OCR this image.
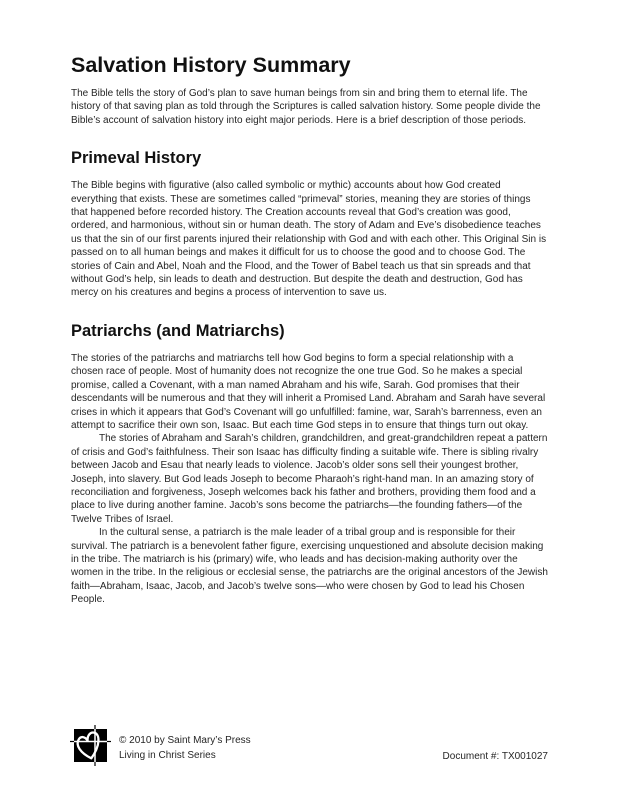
Salvation History Summary

The Bible tells the story of God’s plan to save human beings from sin and bring them to eternal life. The history of that saving plan as told through the Scriptures is called salvation history. Some people divide the Bible’s account of salvation history into eight major periods. Here is a brief description of those periods.

Primeval History

The Bible begins with figurative (also called symbolic or mythic) accounts about how God created everything that exists. These are sometimes called “primeval” stories, meaning they are stories of things that happened before recorded history. The Creation accounts reveal that God’s creation was good, ordered, and harmonious, without sin or human death. The story of Adam and Eve’s disobedience teaches us that the sin of our first parents injured their relationship with God and with each other. This Original Sin is passed on to all human beings and makes it difficult for us to choose the good and to choose God. The stories of Cain and Abel, Noah and the Flood, and the Tower of Babel teach us that sin spreads and that without God’s help, sin leads to death and destruction. But despite the death and destruction, God has mercy on his creatures and begins a process of intervention to save us.

Patriarchs (and Matriarchs)

The stories of the patriarchs and matriarchs tell how God begins to form a special relationship with a chosen race of people. Most of humanity does not recognize the one true God. So he makes a special promise, called a Covenant, with a man named Abraham and his wife, Sarah. God promises that their descendants will be numerous and that they will inherit a Promised Land. Abraham and Sarah have several crises in which it appears that God’s Covenant will go unfulfilled: famine, war, Sarah’s barrenness, even an attempt to sacrifice their own son, Isaac. But each time God steps in to ensure that things turn out okay.

The stories of Abraham and Sarah’s children, grandchildren, and great-grandchildren repeat a pattern of crisis and God’s faithfulness. Their son Isaac has difficulty finding a suitable wife. There is sibling rivalry between Jacob and Esau that nearly leads to violence. Jacob’s older sons sell their youngest brother, Joseph, into slavery. But God leads Joseph to become Pharaoh’s right-hand man. In an amazing story of reconciliation and forgiveness, Joseph welcomes back his father and brothers, providing them food and a place to live during another famine. Jacob’s sons become the patriarchs—the founding fathers—of the Twelve Tribes of Israel.

In the cultural sense, a patriarch is the male leader of a tribal group and is responsible for their survival. The patriarch is a benevolent father figure, exercising unquestioned and absolute decision making in the tribe. The matriarch is his (primary) wife, who leads and has decision-making authority over the women in the tribe. In the religious or ecclesial sense, the patriarchs are the original ancestors of the Jewish faith—Abraham, Isaac, Jacob, and Jacob’s twelve sons—who were chosen by God to lead his Chosen People.

© 2010 by Saint Mary’s Press
Living in Christ Series	Document #: TX001027
